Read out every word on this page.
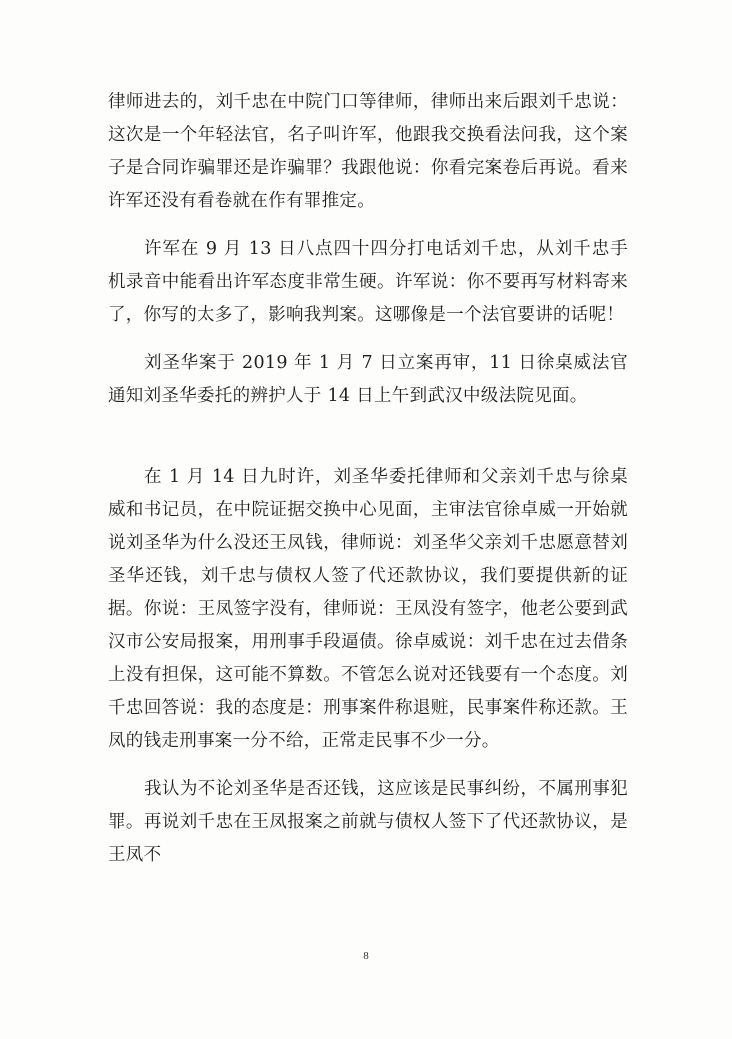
律师进去的，刘千忠在中院门口等律师，律师出来后跟刘千忠说：这次是一个年轻法官，名子叫许军，他跟我交换看法问我，这个案子是合同诈骗罪还是诈骗罪？我跟他说：你看完案卷后再说。看来许军还没有看卷就在作有罪推定。

许军在 9 月 13 日八点四十四分打电话刘千忠，从刘千忠手机录音中能看出许军态度非常生硬。许军说：你不要再写材料寄来了，你写的太多了，影响我判案。这哪像是一个法官要讲的话呢！

刘圣华案于 2019 年 1 月 7 日立案再审，11 日徐桌威法官通知刘圣华委托的辨护人于 14 日上午到武汉中级法院见面。

在 1 月 14 日九时许，刘圣华委托律师和父亲刘千忠与徐桌威和书记员，在中院证据交换中心见面，主审法官徐卓威一开始就说刘圣华为什么没还王凤钱，律师说：刘圣华父亲刘千忠愿意替刘圣华还钱，刘千忠与债权人签了代还款协议，我们要提供新的证据。你说：王凤签字没有，律师说：王凤没有签字，他老公要到武汉市公安局报案，用刑事手段逼债。徐卓威说：刘千忠在过去借条上没有担保，这可能不算数。不管怎么说对还钱要有一个态度。刘千忠回答说：我的态度是：刑事案件称退赃，民事案件称还款。王凤的钱走刑事案一分不给，正常走民事不少一分。

我认为不论刘圣华是否还钱，这应该是民事纠纷，不属刑事犯罪。再说刘千忠在王凤报案之前就与债权人签下了代还款协议，是王凤不

8
